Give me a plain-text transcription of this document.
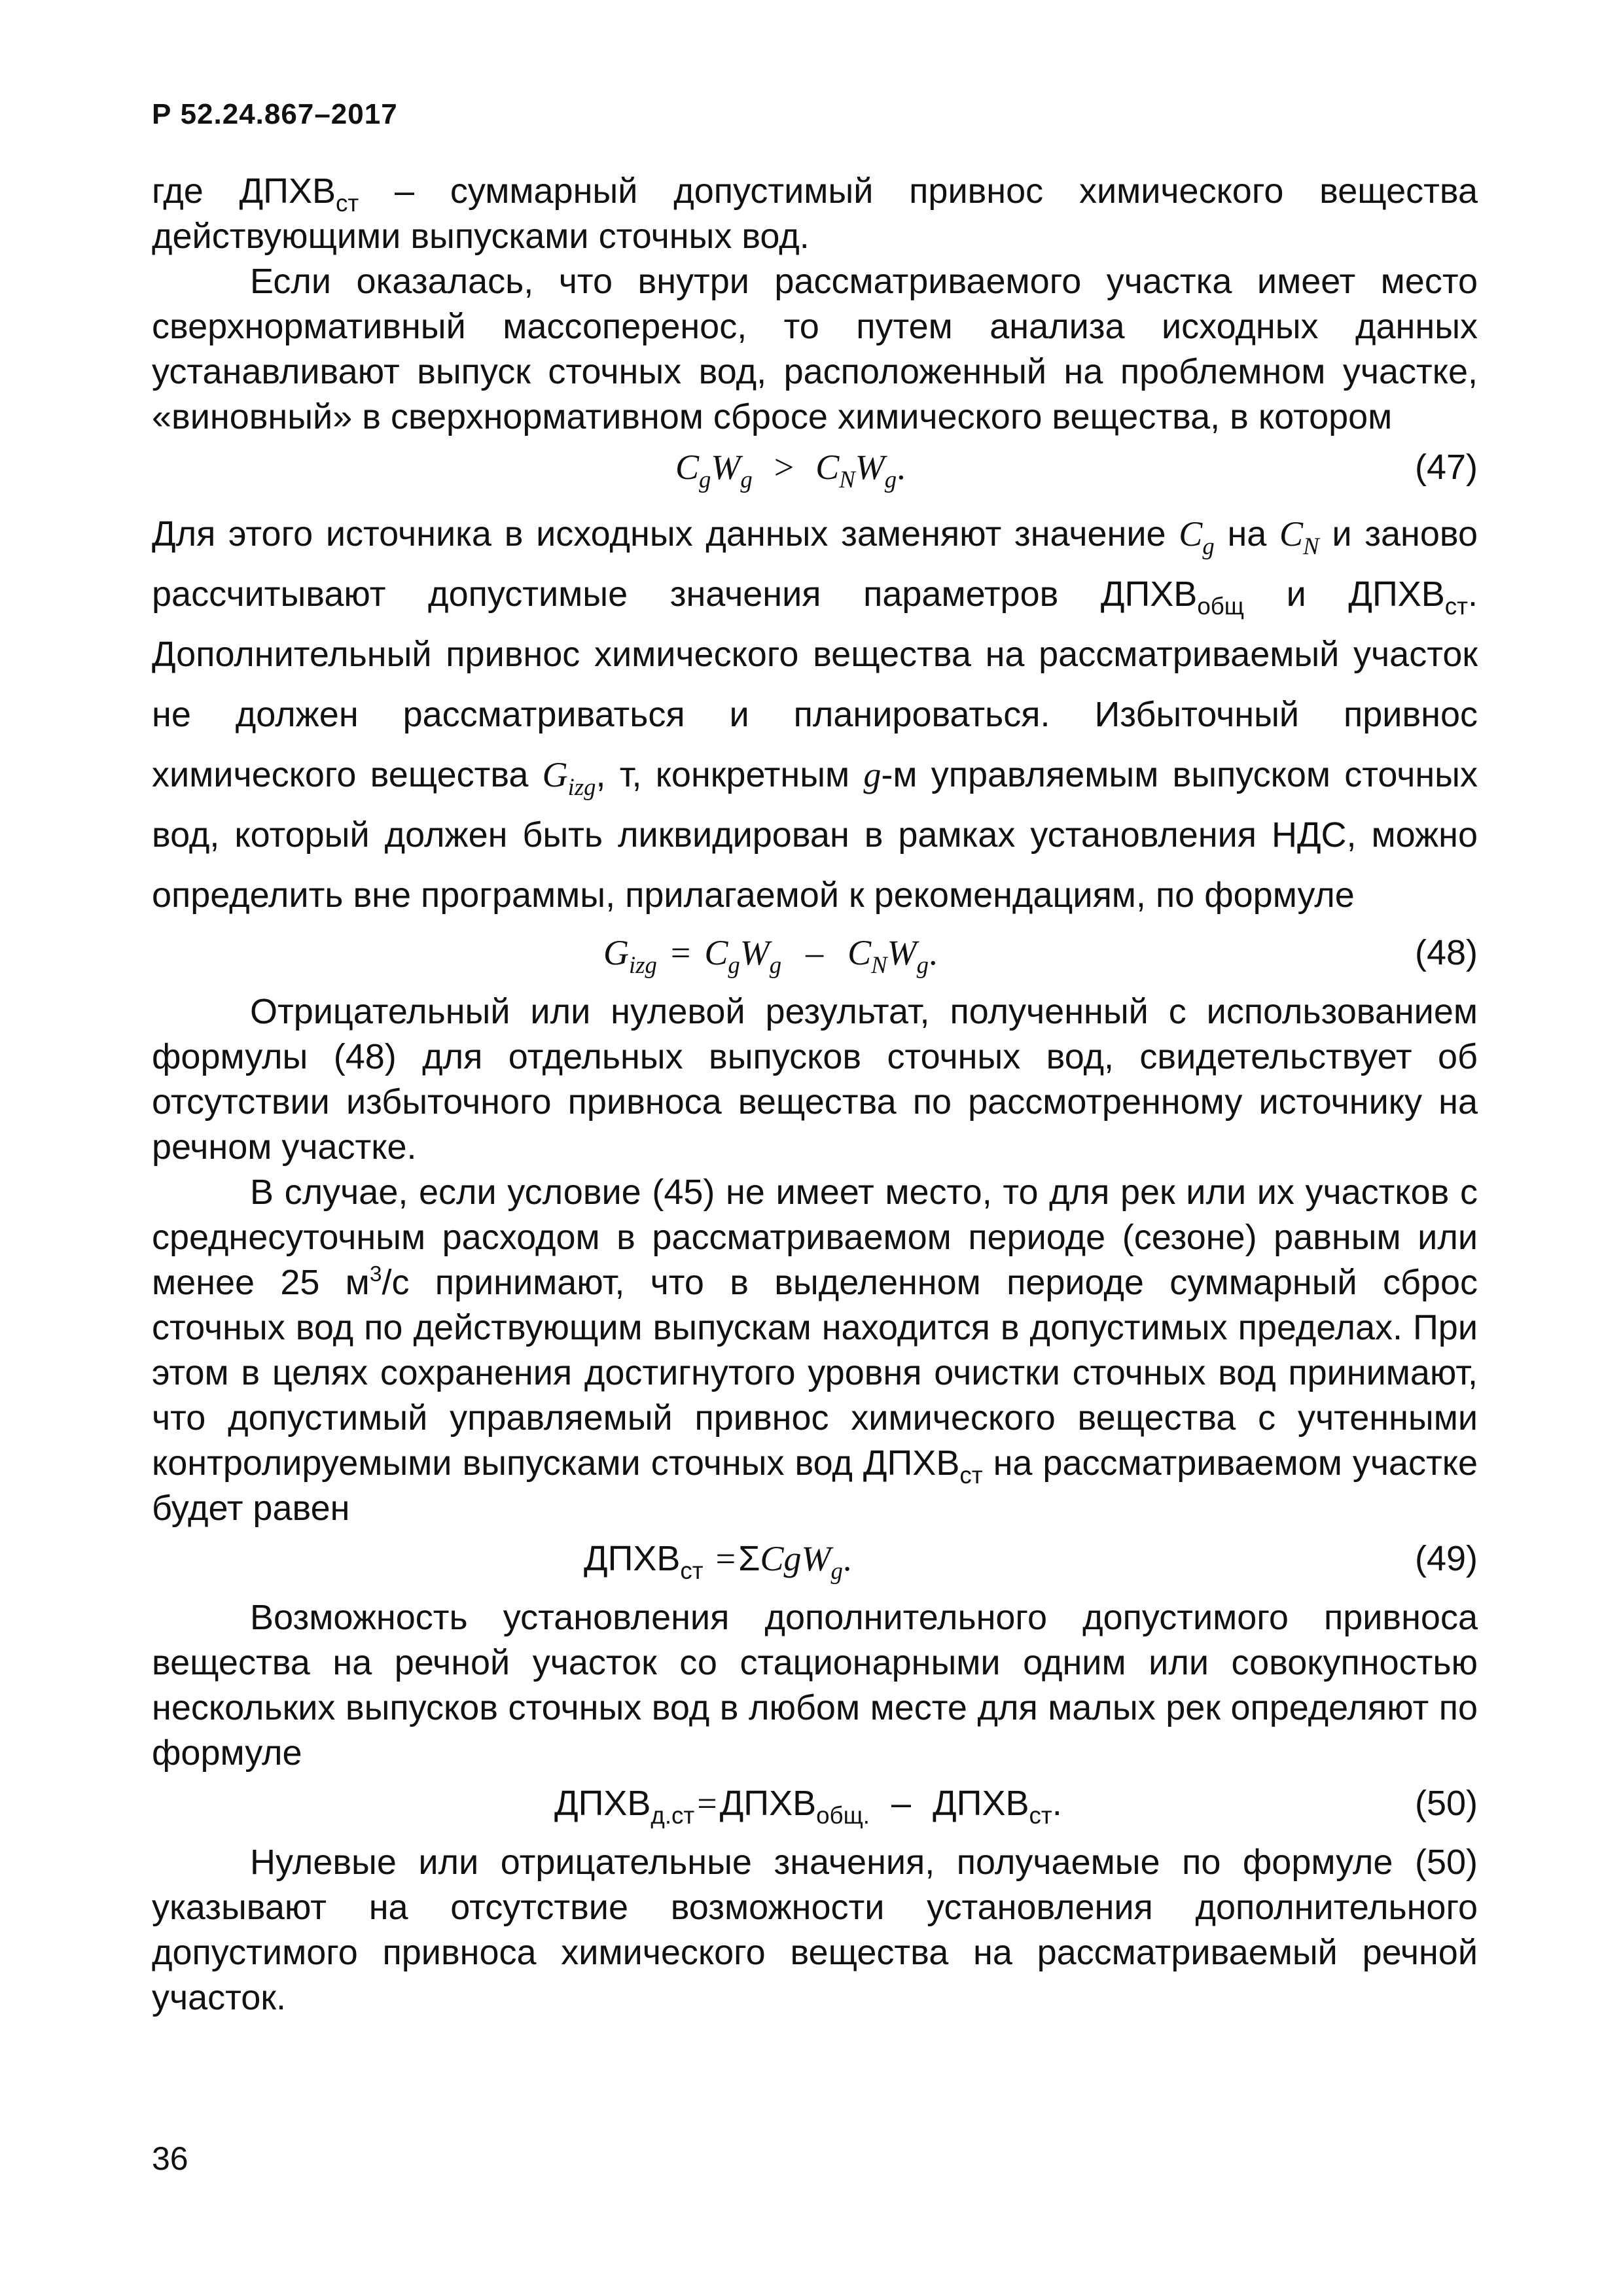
Р 52.24.867–2017

где $ДПХВ_{ст}$ – суммарный допустимый привнос химического вещества действующими выпусками сточных вод.

Если оказалась, что внутри рассматриваемого участка имеет место сверхнормативный массоперенос, то путем анализа исходных данных устанавливают выпуск сточных вод, расположенный на проблемном участке, «виновный» в сверхнормативном сбросе химического вещества, в котором

$C_gW_g > C_NW_g$.	(47)

Для этого источника в исходных данных заменяют значение $C_g$ на $C_N$ и заново рассчитывают допустимые значения параметров $ДПХВ_{общ}$ и $ДПХВ_{ст}$. Дополнительный привнос химического вещества на рассматриваемый участок не должен рассматриваться и планироваться. Избыточный привнос химического вещества $G_{izg}$, т, конкретным g-м управляемым выпуском сточных вод, который должен быть ликвидирован в рамках установления НДС, можно определить вне программы, прилагаемой к рекомендациям, по формуле

$G_{izg} = C_gW_g - C_NW_g$.	(48)

Отрицательный или нулевой результат, полученный с использованием формулы (48) для отдельных выпусков сточных вод, свидетельствует об отсутствии избыточного привноса вещества по рассмотренному источнику на речном участке.

В случае, если условие (45) не имеет место, то для рек или их участков с среднесуточным расходом в рассматриваемом периоде (сезоне) равным или менее 25 $м^3/с$ принимают, что в выделенном периоде суммарный сброс сточных вод по действующим выпускам находится в допустимых пределах. При этом в целях сохранения достигнутого уровня очистки сточных вод принимают, что допустимый управляемый привнос химического вещества с учтенными контролируемыми выпусками сточных вод $ДПХВ_{ст}$ на рассматриваемом участке будет равен

$ДПХВ_{ст} =\Sigma CgW_g$.	(49)

Возможность установления дополнительного допустимого привноса вещества на речной участок со стационарными одним или совокупностью нескольких выпусков сточных вод в любом месте для малых рек определяют по формуле

$ДПХВ_{д.ст}=ДПХВ_{общ.}$ – $ДПХВ_{ст}$.	(50)

Нулевые или отрицательные значения, получаемые по формуле (50) указывают на отсутствие возможности установления дополнительного допустимого привноса химического вещества на рассматриваемый речной участок.

36
